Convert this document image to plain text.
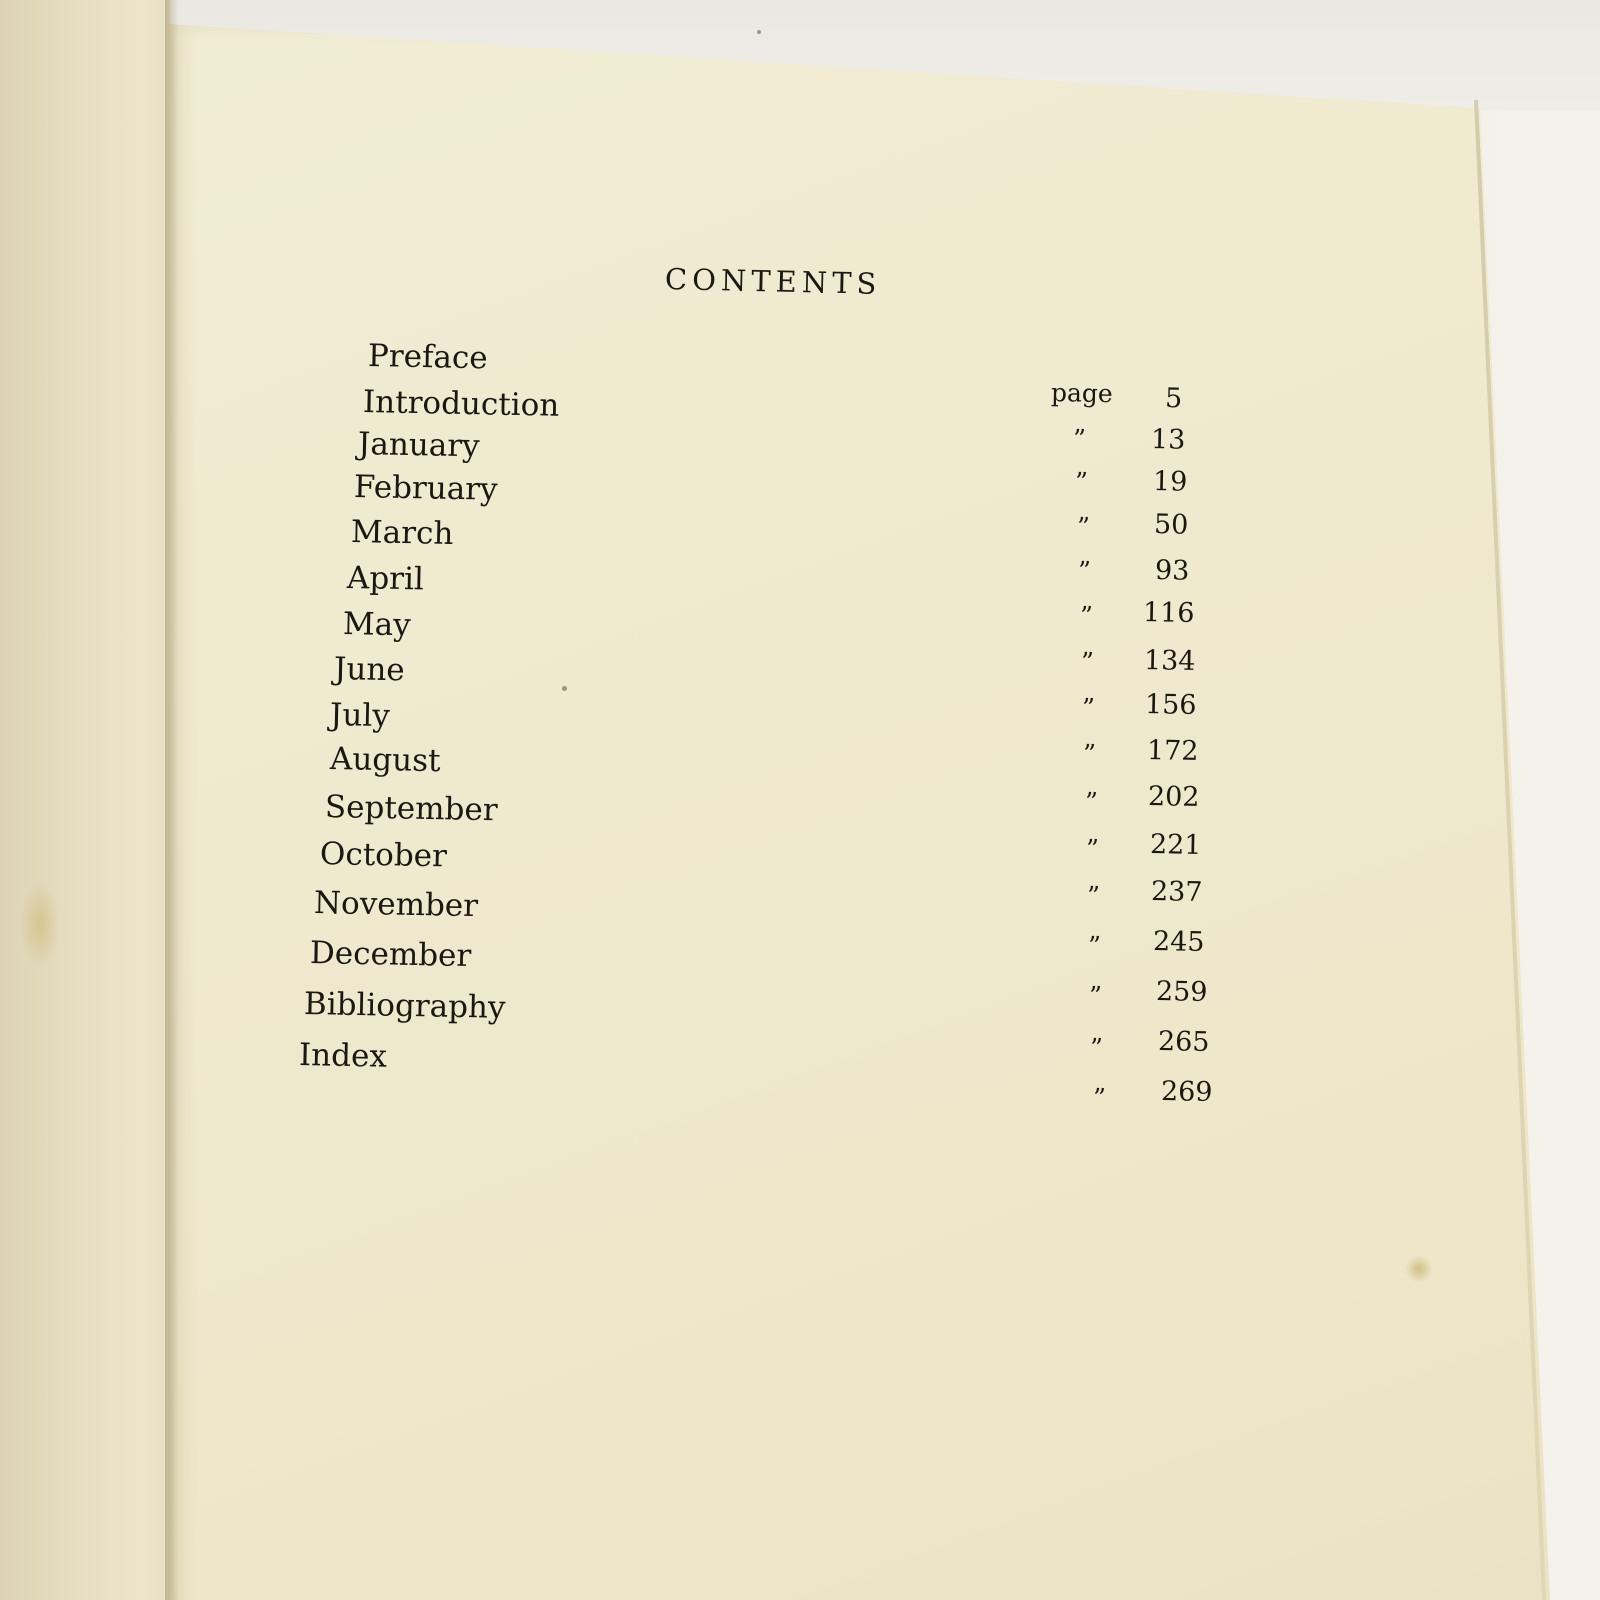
CONTENTS
Preface
Introduction
January
February
March
April
May
June
July
August
September
October
November
December
Bibliography
Index
page
”
”
”
”
”
”
”
”
”
”
”
”
”
”
”
5
13
19
50
93
116
134
156
172
202
221
237
245
259
265
269
